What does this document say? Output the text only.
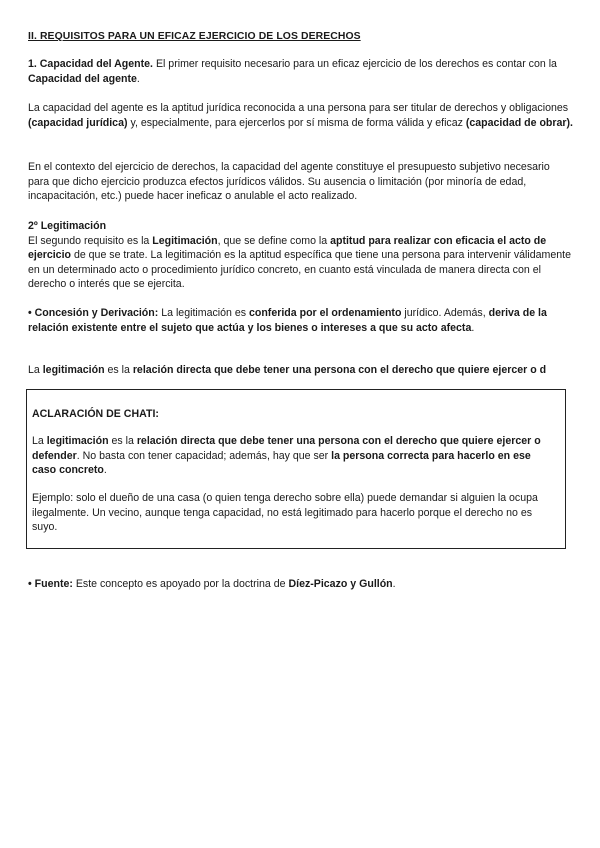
II. REQUISITOS PARA UN EFICAZ EJERCICIO DE LOS DERECHOS

1. Capacidad del Agente. El primer requisito necesario para un eficaz ejercicio de los derechos es contar con la Capacidad del agente.

La capacidad del agente es la aptitud jurídica reconocida a una persona para ser titular de derechos y obligaciones (capacidad jurídica) y, especialmente, para ejercerlos por sí misma de forma válida y eficaz (capacidad de obrar).

En el contexto del ejercicio de derechos, la capacidad del agente constituye el presupuesto subjetivo necesario para que dicho ejercicio produzca efectos jurídicos válidos. Su ausencia o limitación (por minoría de edad, incapacitación, etc.) puede hacer ineficaz o anulable el acto realizado.

2º Legitimación
El segundo requisito es la Legitimación, que se define como la aptitud para realizar con eficacia el acto de ejercicio de que se trate. La legitimación es la aptitud específica que tiene una persona para intervenir válidamente en un determinado acto o procedimiento jurídico concreto, en cuanto está vinculada de manera directa con el derecho o interés que se ejercita.

• Concesión y Derivación: La legitimación es conferida por el ordenamiento jurídico. Además, deriva de la relación existente entre el sujeto que actúa y los bienes o intereses a que su acto afecta.

La legitimación es la relación directa que debe tener una persona con el derecho que quiere ejercer o d

ACLARACIÓN DE CHATI:

La legitimación es la relación directa que debe tener una persona con el derecho que quiere ejercer o defender. No basta con tener capacidad; además, hay que ser la persona correcta para hacerlo en ese caso concreto.

Ejemplo: solo el dueño de una casa (o quien tenga derecho sobre ella) puede demandar si alguien la ocupa ilegalmente. Un vecino, aunque tenga capacidad, no está legitimado para hacerlo porque el derecho no es suyo.

• Fuente: Este concepto es apoyado por la doctrina de Díez-Picazo y Gullón.
